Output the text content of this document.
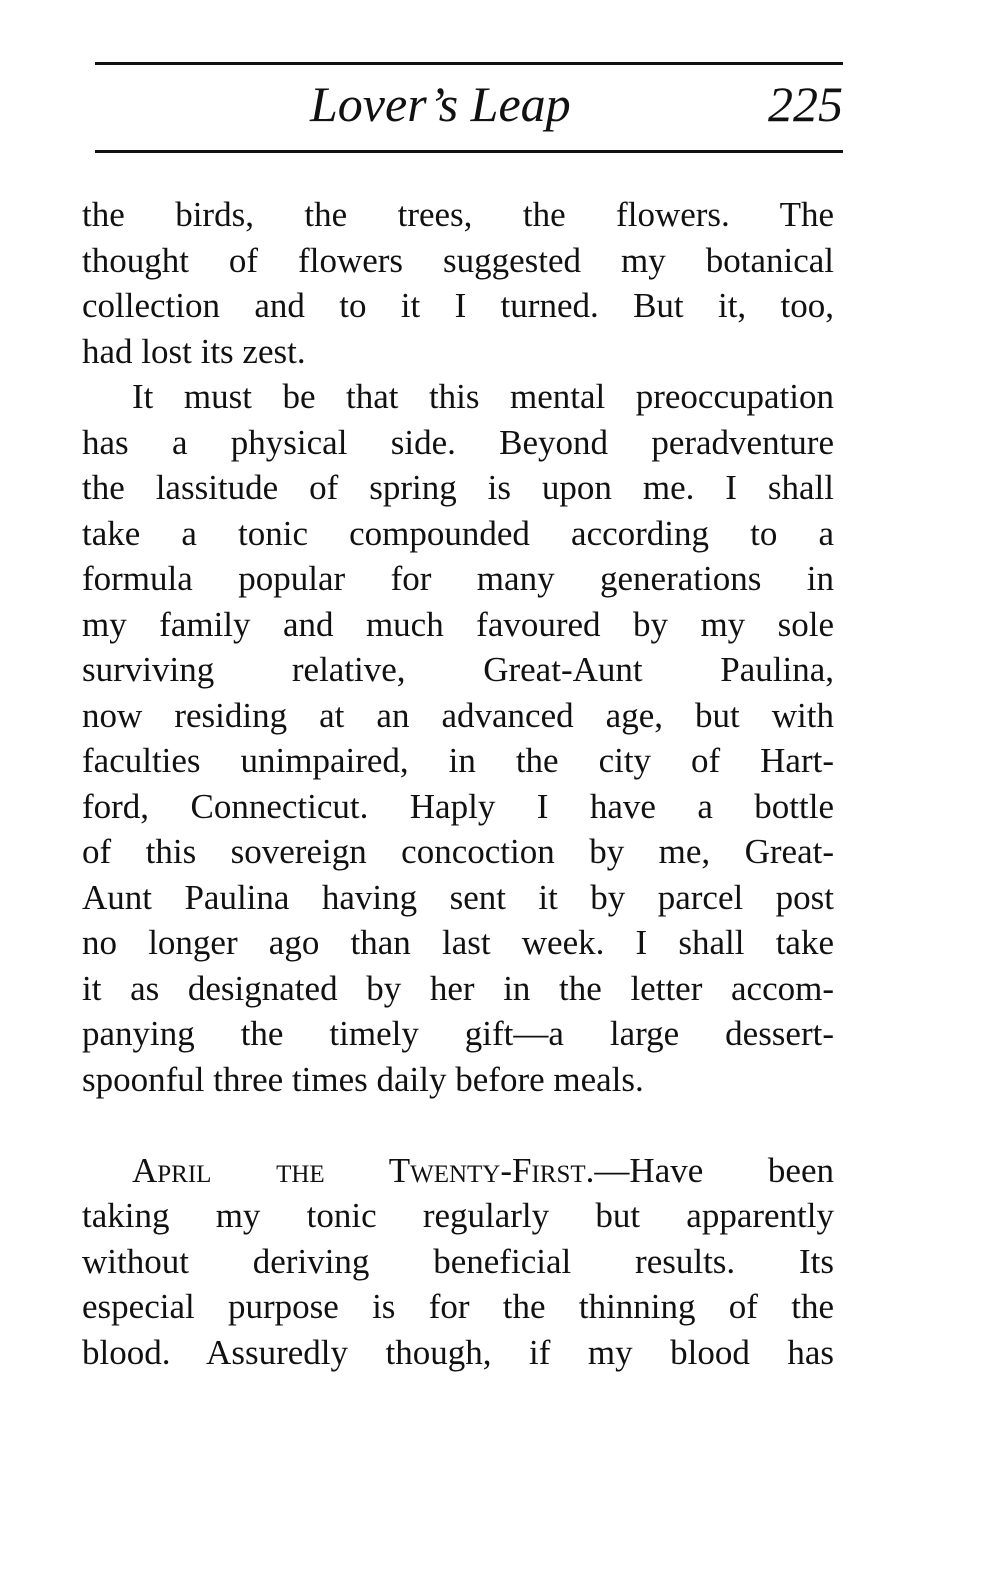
Lover’s Leap	225
the birds, the trees, the flowers. The
thought of flowers suggested my botanical
collection and to it I turned. But it, too,
had lost its zest.
It must be that this mental preoccupation
has a physical side. Beyond peradventure
the lassitude of spring is upon me. I shall
take a tonic compounded according to a
formula popular for many generations in
my family and much favoured by my sole
surviving relative, Great-Aunt Paulina,
now residing at an advanced age, but with
faculties unimpaired, in the city of Hart-
ford, Connecticut. Haply I have a bottle
of this sovereign concoction by me, Great-
Aunt Paulina having sent it by parcel post
no longer ago than last week. I shall take
it as designated by her in the letter accom-
panying the timely gift—a large dessert-
spoonful three times daily before meals.
April the Twenty-First.—Have been
taking my tonic regularly but apparently
without deriving beneficial results. Its
especial purpose is for the thinning of the
blood. Assuredly though, if my blood has
